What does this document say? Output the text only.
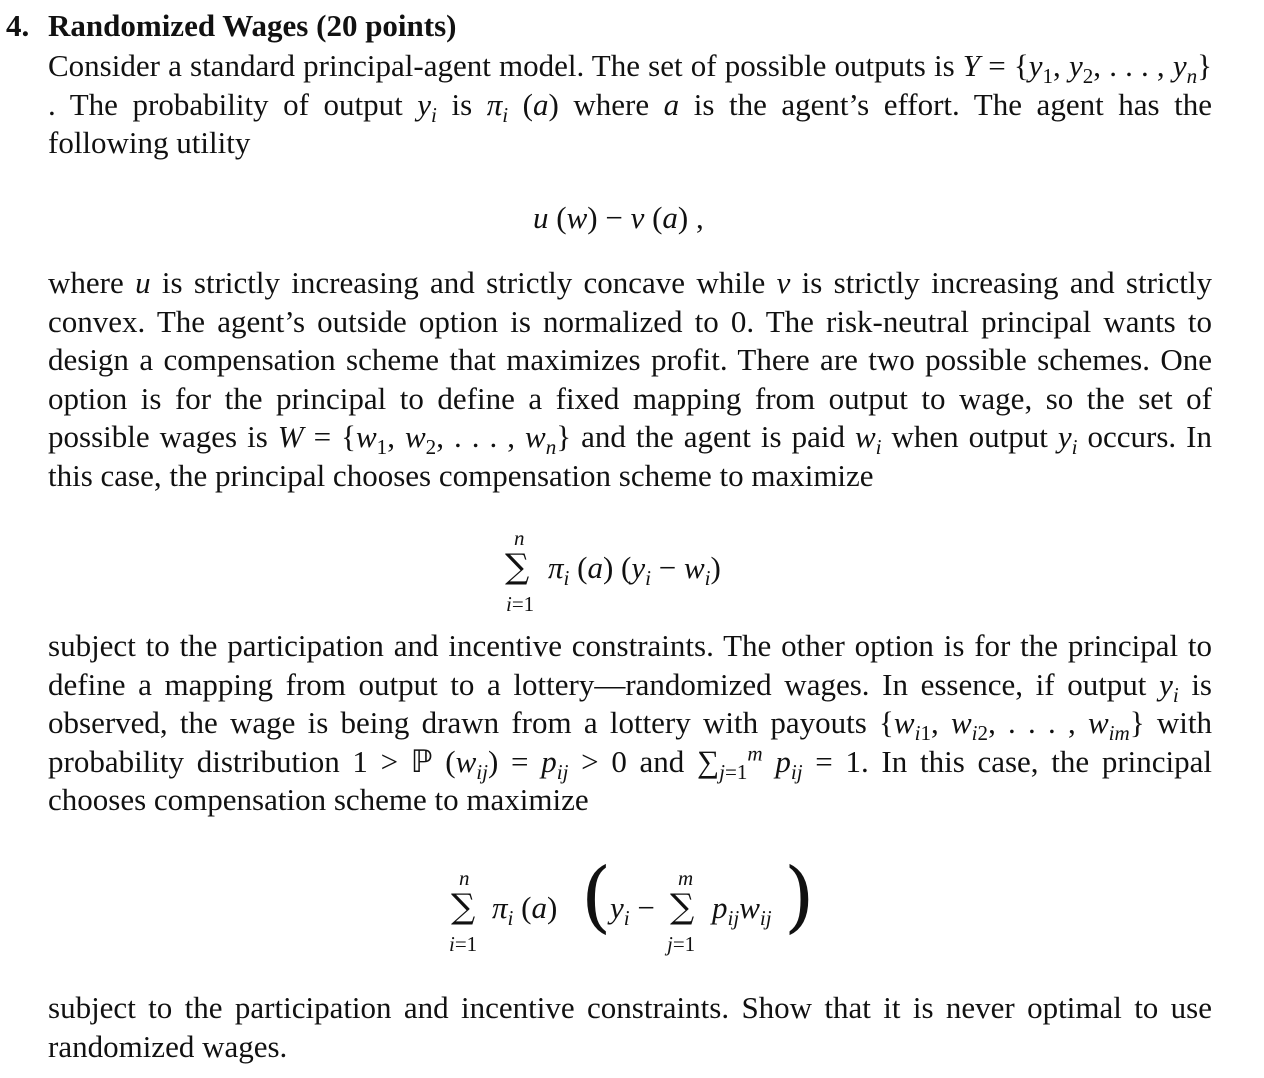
4. Randomized Wages (20 points)

Consider a standard principal-agent model. The set of possible outputs is $Y = \{y_1$, $y_2$, . . . , $y_n$} . The probability of output $y_i$ is $\pi_i$ (a) where a is the agent’s effort. The agent has the following utility

u (w) − v (a) ,

where u is strictly increasing and strictly concave while v is strictly increasing and strictly convex. The agent’s outside option is normalized to 0. The risk-neutral principal wants to design a compensation scheme that maximizes profit. There are two possible schemes. One option is for the principal to define a fixed mapping from output to wage, so the set of possible wages is $W = \{w_1$, $w_2$, . . . , $w_n$} and the agent is paid $w_i$ when output $y_i$ occurs. In this case, the principal chooses compensation scheme to maximize

n
∑
i=1
$\pi_i$ (a) $(y_i - w_i)$

subject to the participation and incentive constraints. The other option is for the principal to define a mapping from output to a lottery—randomized wages. In essence, if output $y_i$ is observed, the wage is being drawn from a lottery with payouts {$w_{i1}$, $w_{i2}$, . . . , $w_{im}$} with probability distribution 1 > ℙ $(w_{ij}) = p_{ij} > 0$ and $\sum_{j=1}^m$ $p_{ij} = 1$. In this case, the principal chooses compensation scheme to maximize

n
∑
i=1
$\pi_i$ (a) (
$y_i$ −
m
∑
j=1
$p_{ij}w_{ij}$ )

subject to the participation and incentive constraints. Show that it is never optimal to use randomized wages.
